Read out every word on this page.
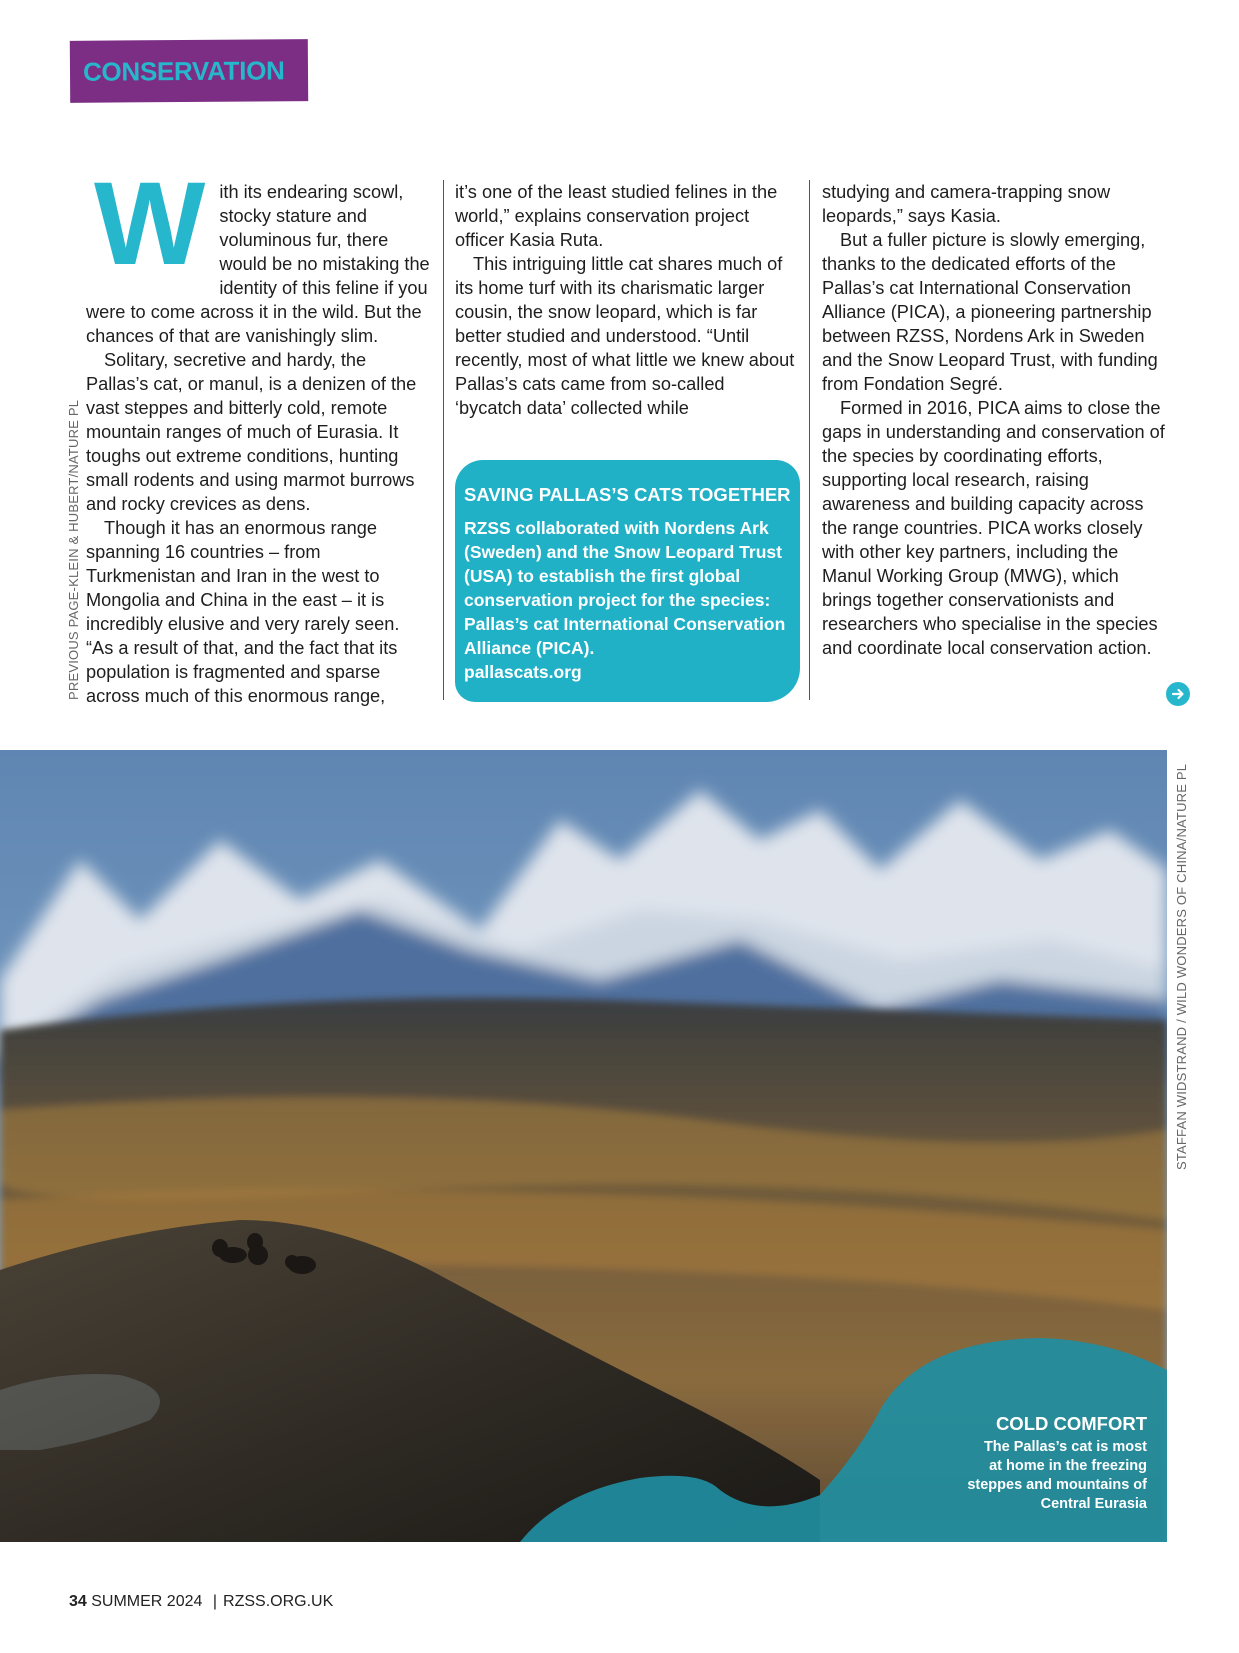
CONSERVATION

With its endearing scowl, stocky stature and voluminous fur, there would be no mistaking the identity of this feline if you were to come across it in the wild. But the chances of that are vanishingly slim.

Solitary, secretive and hardy, the Pallas’s cat, or manul, is a denizen of the vast steppes and bitterly cold, remote mountain ranges of much of Eurasia. It toughs out extreme conditions, hunting small rodents and using marmot burrows and rocky crevices as dens.

Though it has an enormous range spanning 16 countries – from Turkmenistan and Iran in the west to Mongolia and China in the east – it is incredibly elusive and very rarely seen. “As a result of that, and the fact that its population is fragmented and sparse across much of this enormous range,

it’s one of the least studied felines in the world,” explains conservation project officer Kasia Ruta.

This intriguing little cat shares much of its home turf with its charismatic larger cousin, the snow leopard, which is far better studied and understood. “Until recently, most of what little we knew about Pallas’s cats came from so-called ‘bycatch data’ collected while

studying and camera-trapping snow leopards,” says Kasia.

But a fuller picture is slowly emerging, thanks to the dedicated efforts of the Pallas’s cat International Conservation Alliance (PICA), a pioneering partnership between RZSS, Nordens Ark in Sweden and the Snow Leopard Trust, with funding from Fondation Segré.

Formed in 2016, PICA aims to close the gaps in understanding and conservation of the species by coordinating efforts, supporting local research, raising awareness and building capacity across the range countries. PICA works closely with other key partners, including the Manul Working Group (MWG), which brings together conservationists and researchers who specialise in the species and coordinate local conservation action.

SAVING PALLAS’S CATS TOGETHER
RZSS collaborated with Nordens Ark (Sweden) and the Snow Leopard Trust (USA) to establish the first global conservation project for the species: Pallas’s cat International Conservation Alliance (PICA).
pallascats.org
PREVIOUS PAGE-KLEIN & HUBERT/NATURE PL
STAFFAN WIDSTRAND / WILD WONDERS OF CHINA/NATURE PL
COLD COMFORT
The Pallas’s cat is most
at home in the freezing
steppes and mountains of
Central Eurasia
34 SUMMER 2024 | RZSS.ORG.UK
